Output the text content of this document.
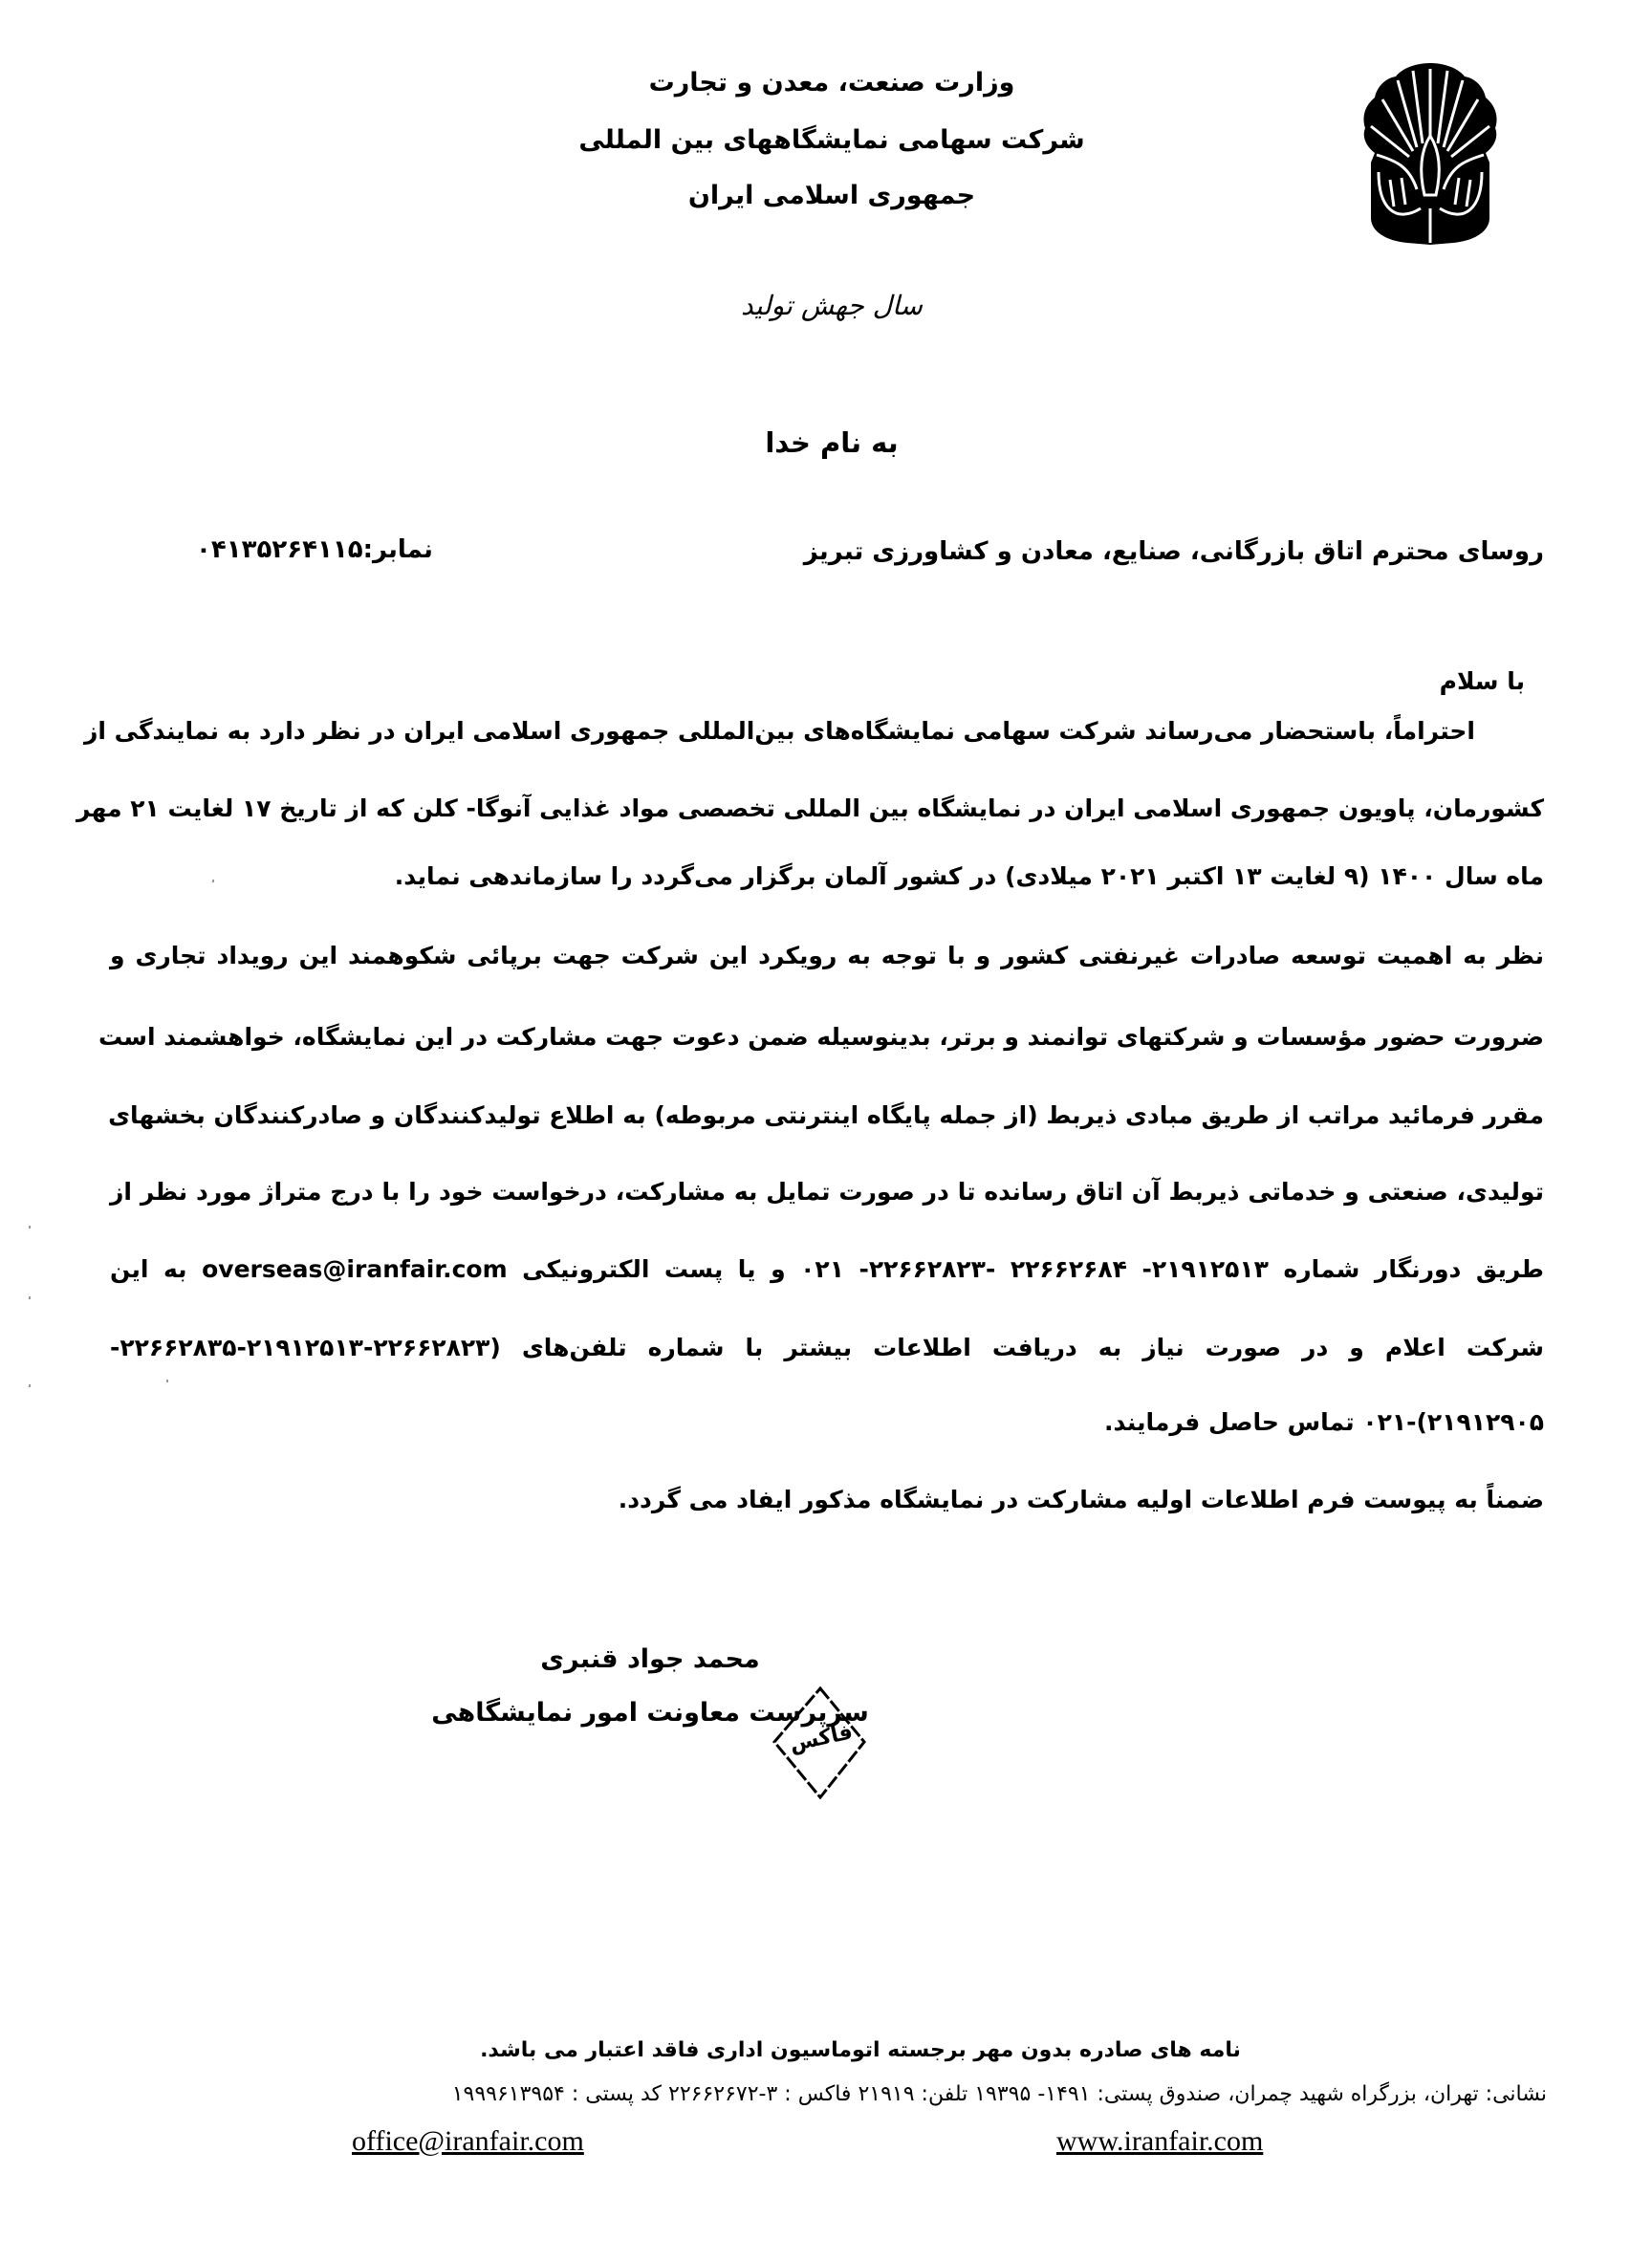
وزارت صنعت، معدن و تجارت
شرکت سهامی نمایشگاههای بین المللی
جمهوری اسلامی ایران
سال جهش تولید
به نام خدا
روسای محترم اتاق بازرگانی، صنایع، معادن و کشاورزی تبریز
نمابر:۰۴۱۳۵۲۶۴۱۱۵
با سلام
احتراماً، باستحضار می‌رساند شرکت سهامی نمایشگاه‌های بین‌المللی جمهوری اسلامی ایران در نظر دارد به نمایندگی از
کشورمان، پاویون جمهوری اسلامی ایران در نمایشگاه بین المللی تخصصی مواد غذایی آنوگا- کلن که از تاریخ ۱۷ لغایت ۲۱ مهر
ماه سال ۱۴۰۰ (۹ لغایت ۱۳ اکتبر ۲۰۲۱ میلادی) در کشور آلمان برگزار می‌گردد را سازماندهی نماید.
نظر به اهمیت توسعه صادرات غیرنفتی کشور و با توجه به رویکرد این شرکت جهت برپائی شکوهمند این رویداد تجاری و
ضرورت حضور مؤسسات و شرکتهای توانمند و برتر، بدینوسیله ضمن دعوت جهت مشارکت در این نمایشگاه، خواهشمند است
مقرر فرمائید مراتب از طریق مبادی ذیربط (از جمله پایگاه اینترنتی مربوطه) به اطلاع تولیدکنندگان و صادرکنندگان بخشهای
تولیدی، صنعتی و خدماتی ذیربط آن اتاق رسانده تا در صورت تمایل به مشارکت، درخواست خود را با درج متراژ مورد نظر از
طریق دورنگار شماره ۲۱۹۱۲۵۱۳- ۲۲۶۶۲۶۸۴ -۲۲۶۶۲۸۲۳- ۰۲۱ و یا پست الکترونیکی overseas@iranfair.com به این
شرکت اعلام و در صورت نیاز به دریافت اطلاعات بیشتر با شماره تلفن‌های (۲۲۶۶۲۸۲۳-۲۱۹۱۲۵۱۳-۲۲۶۶۲۸۳۵-
۲۱۹۱۲۹۰۵)-۰۲۱ تماس حاصل فرمایند.
ضمناً به پیوست فرم اطلاعات اولیه مشارکت در نمایشگاه مذکور ایفاد می گردد.
محمد جواد قنبری
سرپرست معاونت امور نمایشگاهی
فاکس
نامه های صادره بدون مهر برجسته اتوماسیون اداری فاقد اعتبار می باشد.
نشانی: تهران، بزرگراه شهید چمران، صندوق پستی: ۱۴۹۱- ۱۹۳۹۵ تلفن: ۲۱۹۱۹ فاکس : ۳-۲۲۶۶۲۶۷۲ کد پستی : ۱۹۹۹۶۱۳۹۵۴
office@iranfair.com	www.iranfair.com
